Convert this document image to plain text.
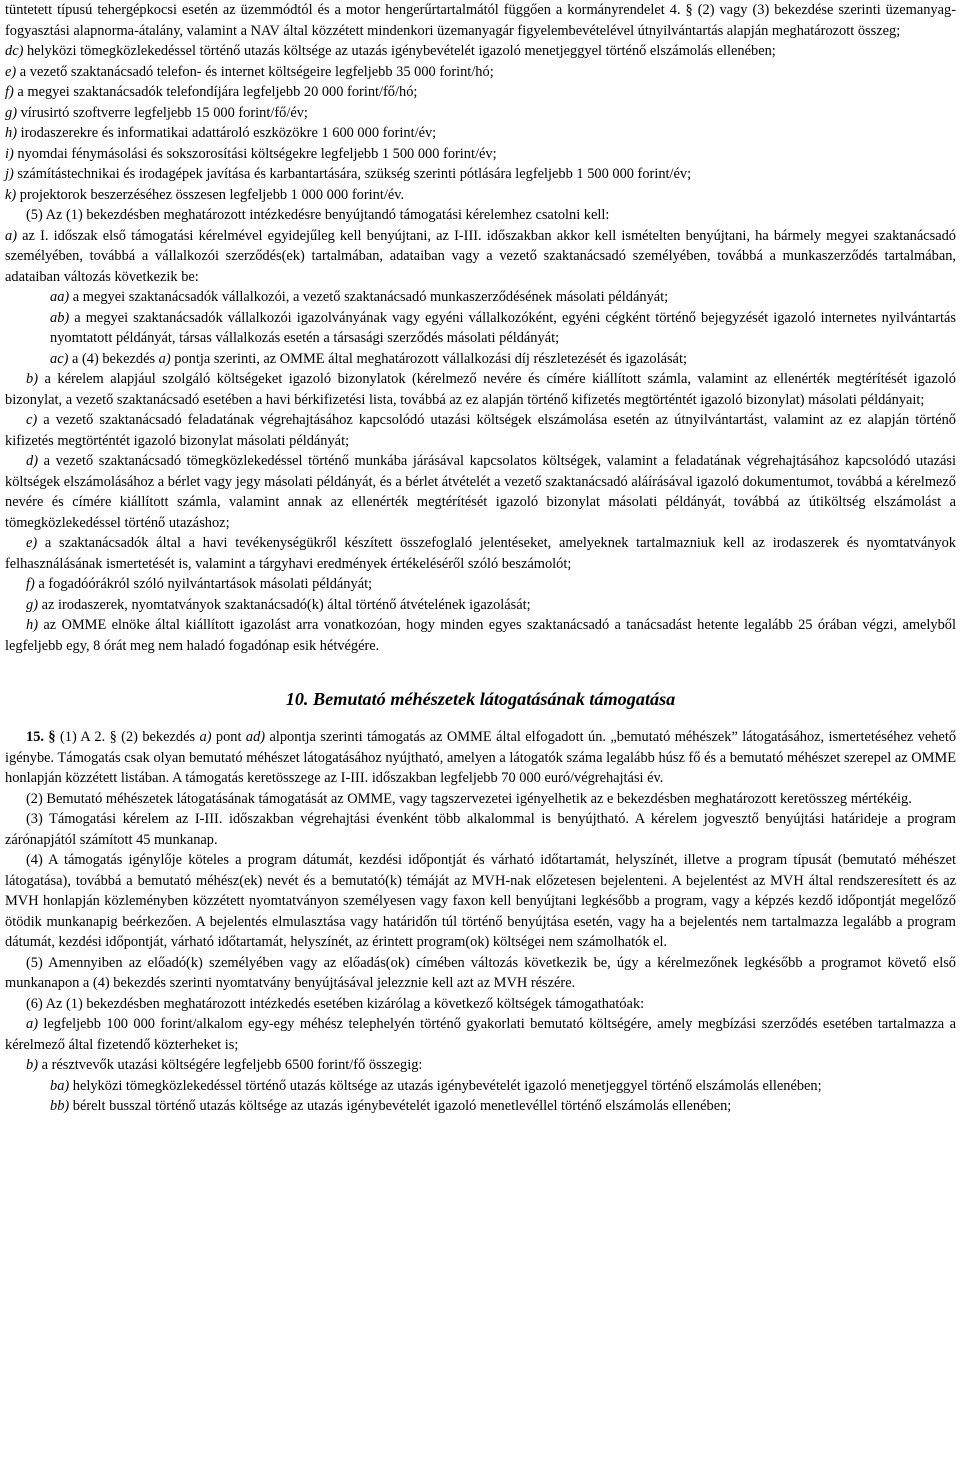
tüntetett típusú tehergépkocsi esetén az üzemmódtól és a motor hengerűrtartalmától függően a kormányrendelet 4. § (2) vagy (3) bekezdése szerinti üzemanyag-fogyasztási alapnorma-átalány, valamint a NAV által közzétett mindenkori üzemanyagár figyelembevételével útnyilvántartás alapján meghatározott összeg;

dc) helyközi tömegközlekedéssel történő utazás költsége az utazás igénybevételét igazoló menetjeggyel történő elszámolás ellenében;

e) a vezető szaktanácsadó telefon- és internet költségeire legfeljebb 35 000 forint/hó;

f) a megyei szaktanácsadók telefondíjára legfeljebb 20 000 forint/fő/hó;

g) vírusirtó szoftverre legfeljebb 15 000 forint/fő/év;

h) irodaszerekre és informatikai adattároló eszközökre 1 600 000 forint/év;

i) nyomdai fénymásolási és sokszorosítási költségekre legfeljebb 1 500 000 forint/év;

j) számítástechnikai és irodagépek javítása és karbantartására, szükség szerinti pótlására legfeljebb 1 500 000 forint/év;

k) projektorok beszerzéséhez összesen legfeljebb 1 000 000 forint/év.

(5) Az (1) bekezdésben meghatározott intézkedésre benyújtandó támogatási kérelemhez csatolni kell:

a) az I. időszak első támogatási kérelmével egyidejűleg kell benyújtani, az I-III. időszakban akkor kell ismételten benyújtani, ha bármely megyei szaktanácsadó személyében, továbbá a vállalkozói szerződés(ek) tartalmában, adataiban vagy a vezető szaktanácsadó személyében, továbbá a munkaszerződés tartalmában, adataiban változás következik be:

aa) a megyei szaktanácsadók vállalkozói, a vezető szaktanácsadó munkaszerződésének másolati példányát;

ab) a megyei szaktanácsadók vállalkozói igazolványának vagy egyéni vállalkozóként, egyéni cégként történő bejegyzését igazoló internetes nyilvántartás nyomtatott példányát, társas vállalkozás esetén a társasági szerződés másolati példányát;

ac) a (4) bekezdés a) pontja szerinti, az OMME által meghatározott vállalkozási díj részletezését és igazolását;

b) a kérelem alapjául szolgáló költségeket igazoló bizonylatok (kérelmező nevére és címére kiállított számla, valamint az ellenérték megtérítését igazoló bizonylat, a vezető szaktanácsadó esetében a havi bérkifizetési lista, továbbá az ez alapján történő kifizetés megtörténtét igazoló bizonylat) másolati példányait;

c) a vezető szaktanácsadó feladatának végrehajtásához kapcsolódó utazási költségek elszámolása esetén az útnyilvántartást, valamint az ez alapján történő kifizetés megtörténtét igazoló bizonylat másolati példányát;

d) a vezető szaktanácsadó tömegközlekedéssel történő munkába járásával kapcsolatos költségek, valamint a feladatának végrehajtásához kapcsolódó utazási költségek elszámolásához a bérlet vagy jegy másolati példányát, és a bérlet átvételét a vezető szaktanácsadó aláírásával igazoló dokumentumot, továbbá a kérelmező nevére és címére kiállított számla, valamint annak az ellenérték megtérítését igazoló bizonylat másolati példányát, továbbá az útiköltség elszámolást a tömegközlekedéssel történő utazáshoz;

e) a szaktanácsadók által a havi tevékenységükről készített összefoglaló jelentéseket, amelyeknek tartalmazniuk kell az irodaszerek és nyomtatványok felhasználásának ismertetését is, valamint a tárgyhavi eredmények értékeléséről szóló beszámolót;

f) a fogadóórákról szóló nyilvántartások másolati példányát;

g) az irodaszerek, nyomtatványok szaktanácsadó(k) által történő átvételének igazolását;

h) az OMME elnöke által kiállított igazolást arra vonatkozóan, hogy minden egyes szaktanácsadó a tanácsadást hetente legalább 25 órában végzi, amelyből legfeljebb egy, 8 órát meg nem haladó fogadónap esik hétvégére.

10. Bemutató méhészetek látogatásának támogatása

15. § (1) A 2. § (2) bekezdés a) pont ad) alpontja szerinti támogatás az OMME által elfogadott ún. „bemutató méhészek” látogatásához, ismertetéséhez vehető igénybe. Támogatás csak olyan bemutató méhészet látogatásához nyújtható, amelyen a látogatók száma legalább húsz fő és a bemutató méhészet szerepel az OMME honlapján közzétett listában. A támogatás keretösszege az I-III. időszakban legfeljebb 70 000 euró/végrehajtási év.

(2) Bemutató méhészetek látogatásának támogatását az OMME, vagy tagszervezetei igényelhetik az e bekezdésben meghatározott keretösszeg mértékéig.

(3) Támogatási kérelem az I-III. időszakban végrehajtási évenként több alkalommal is benyújtható. A kérelem jogvesztő benyújtási határideje a program zárónapjától számított 45 munkanap.

(4) A támogatás igénylője köteles a program dátumát, kezdési időpontját és várható időtartamát, helyszínét, illetve a program típusát (bemutató méhészet látogatása), továbbá a bemutató méhész(ek) nevét és a bemutató(k) témáját az MVH-nak előzetesen bejelenteni. A bejelentést az MVH által rendszeresített és az MVH honlapján közleményben közzétett nyomtatványon személyesen vagy faxon kell benyújtani legkésőbb a program, vagy a képzés kezdő időpontját megelőző ötödik munkanapig beérkezően. A bejelentés elmulasztása vagy határidőn túl történő benyújtása esetén, vagy ha a bejelentés nem tartalmazza legalább a program dátumát, kezdési időpontját, várható időtartamát, helyszínét, az érintett program(ok) költségei nem számolhatók el.

(5) Amennyiben az előadó(k) személyében vagy az előadás(ok) címében változás következik be, úgy a kérelmezőnek legkésőbb a programot követő első munkanapon a (4) bekezdés szerinti nyomtatvány benyújtásával jelezznie kell azt az MVH részére.

(6) Az (1) bekezdésben meghatározott intézkedés esetében kizárólag a következő költségek támogathatóak:

a) legfeljebb 100 000 forint/alkalom egy-egy méhész telephelyén történő gyakorlati bemutató költségére, amely megbízási szerződés esetében tartalmazza a kérelmező által fizetendő közterheket is;

b) a résztvevők utazási költségére legfeljebb 6500 forint/fő összegig:

ba) helyközi tömegközlekedéssel történő utazás költsége az utazás igénybevételét igazoló menetjeggyel történő elszámolás ellenében;

bb) bérelt busszal történő utazás költsége az utazás igénybevételét igazoló menetlevéllel történő elszámolás ellenében;
